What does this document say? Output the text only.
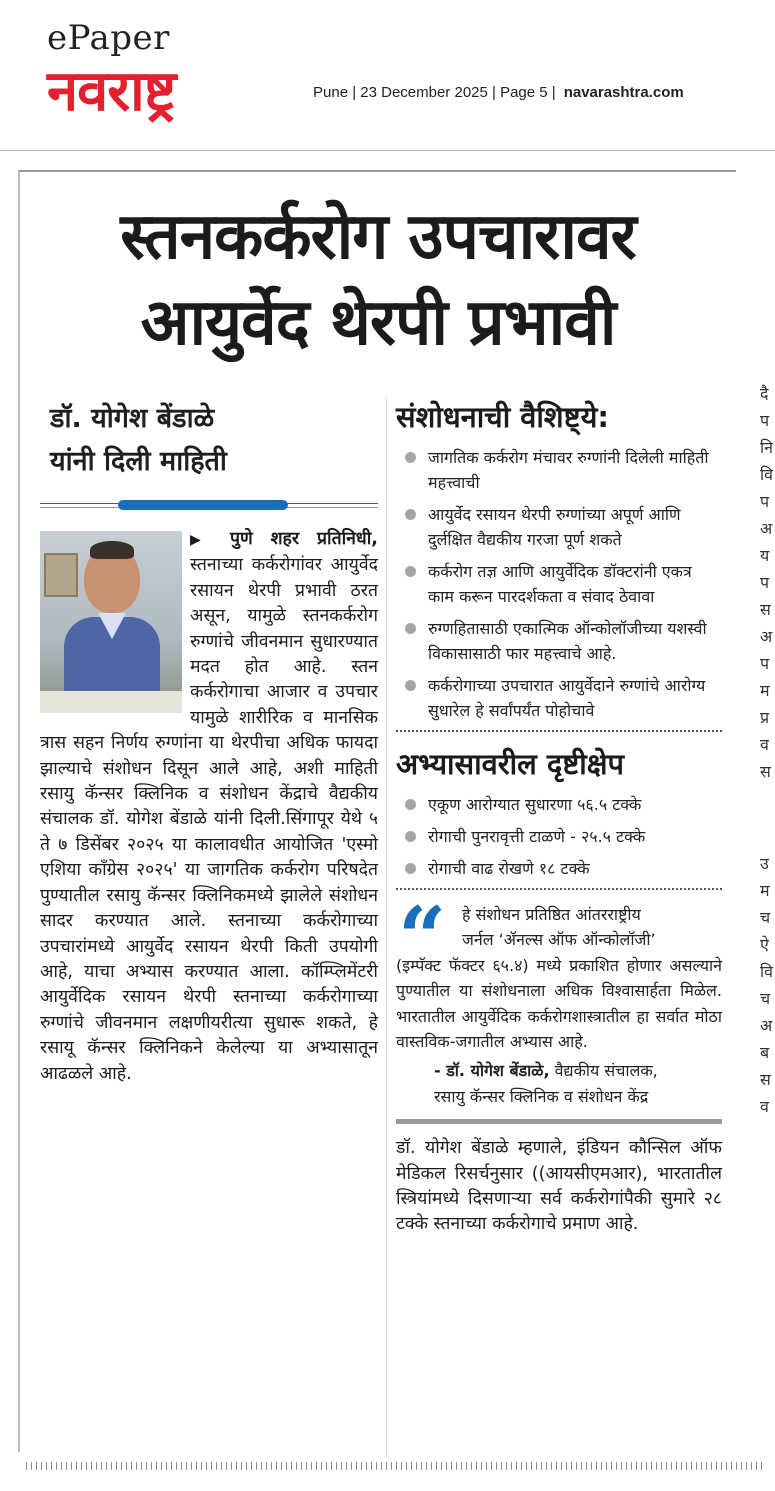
ePaper
नवराष्ट्र	Pune | 23 December 2025 | Page 5 | navarashtra.com
स्तनकर्करोग उपचारावर
आयुर्वेद थेरपी प्रभावी
डॉ. योगेश बेंडाळे
यांनी दिली माहिती
▶ पुणे शहर प्रतिनिधी,
स्तनाच्या कर्करोगांवर आयुर्वेद रसायन थेरपी प्रभावी ठरत असून, यामुळे स्तनकर्करोग रुग्णांचे जीवनमान सुधारण्यात मदत होत आहे. स्तन कर्करोगाचा आजार व उपचार यामुळे शारीरिक व मानसिक त्रास सहन निर्णय रुग्णांना या थेरपीचा अधिक फायदा झाल्याचे संशोधन दिसून आले आहे, अशी माहिती रसायु कॅन्सर क्लिनिक व संशोधन केंद्राचे वैद्यकीय संचालक डॉ. योगेश बेंडाळे यांनी दिली.सिंगापूर येथे ५ ते ७ डिसेंबर २०२५ या कालावधीत आयोजित 'एस्मो एशिया कॉंग्रेस २०२५' या जागतिक कर्करोग परिषदेत पुण्यातील रसायु कॅन्सर क्लिनिकमध्ये झालेले संशोधन सादर करण्यात आले. स्तनाच्या कर्करोगाच्या उपचारांमध्ये आयुर्वेद रसायन थेरपी किती उपयोगी आहे, याचा अभ्यास करण्यात आला. कॉम्प्लिमेंटरी आयुर्वेदिक रसायन थेरपी स्तनाच्या कर्करोगाच्या रुग्णांचे जीवनमान लक्षणीयरीत्या सुधारू शकते, हे रसायू कॅन्सर क्लिनिकने केलेल्या या अभ्यासातून आढळले आहे.
संशोधनाची वैशिष्ट्ये:
जागतिक कर्करोग मंचावर रुग्णांनी दिलेली माहिती महत्त्वाची
आयुर्वेद रसायन थेरपी रुग्णांच्या अपूर्ण आणि दुर्लक्षित वैद्यकीय गरजा पूर्ण शकते
कर्करोग तज्ञ आणि आयुर्वेदिक डॉक्टरांनी एकत्र काम करून पारदर्शकता व संवाद ठेवावा
रुग्णहितासाठी एकात्मिक ऑन्कोलॉजीच्या यशस्वी विकासासाठी फार महत्त्वाचे आहे.
कर्करोगाच्या उपचारात आयुर्वेदाने रुग्णांचे आरोग्य सुधारेल हे सर्वांपर्यंत पोहोचावे
अभ्यासावरील दृष्टीक्षेप
एकूण आरोग्यात सुधारणा ५६.५ टक्के
रोगाची पुनरावृत्ती टाळणे - २५.५ टक्के
रोगाची वाढ रोखणे १८ टक्के
“ हे संशोधन प्रतिष्ठित आंतरराष्ट्रीय
जर्नल ‘ॲनल्स ऑफ ऑन्कोलॉजी’
(इम्पॅक्ट फॅक्टर ६५.४) मध्ये प्रकाशित होणार असल्याने पुण्यातील या संशोधनाला अधिक विश्वासार्हता मिळेल. भारतातील आयुर्वेदिक कर्करोगशास्त्रातील हा सर्वात मोठा वास्तविक-जगातील अभ्यास आहे.
- डॉ. योगेश बेंडाळे, वैद्यकीय संचालक,
रसायु कॅन्सर क्लिनिक व संशोधन केंद्र
डॉ. योगेश बेंडाळे म्हणाले, इंडियन कौन्सिल ऑफ मेडिकल रिसर्चनुसार ((आयसीएमआर), भारतातील स्त्रियांमध्ये दिसणाऱ्या सर्व कर्करोगांपैकी सुमारे २८ टक्के स्तनाच्या कर्करोगाचे प्रमाण आहे.
दै
प
नि
वि
प
अ
य
प
स
अ
प
म
प्र
व
स
उ
म
च
ऐ
वि
च
अ
ब
स
व
